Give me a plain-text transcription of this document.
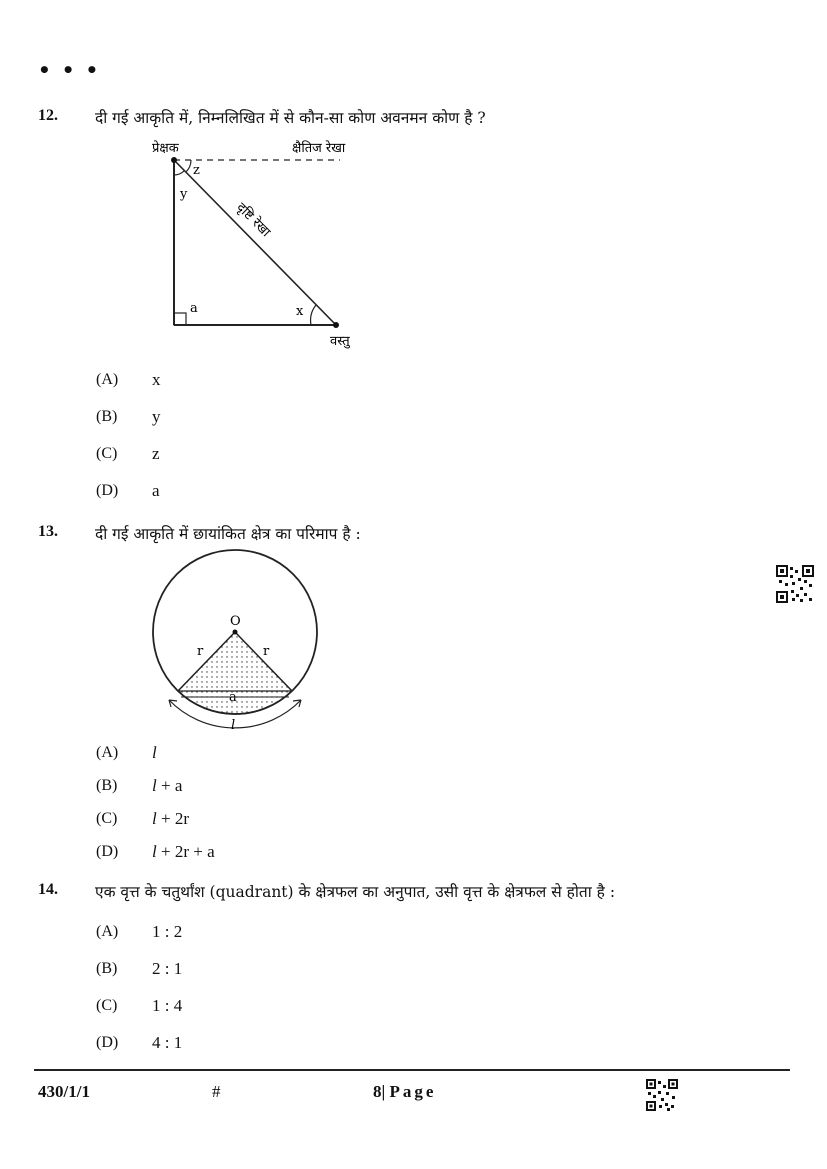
• • •
12. दी गई आकृति में, निम्नलिखित में से कौन-सा कोण अवनमन कोण है ?
प्रेक्षक	क्षैतिज रेखा
z
y
a	x
दृष्टि रेखा
वस्तु
(A) x
(B) y
(C) z
(D) a
13. दी गई आकृति में छायांकित क्षेत्र का परिमाप है :
O
r	r
a
l
(A) l
(B) l + a
(C) l + 2r
(D) l + 2r + a
14. एक वृत्त के चतुर्थांश (quadrant) के क्षेत्रफल का अनुपात, उसी वृत्त के क्षेत्रफल से होता है :
(A) 1 : 2
(B) 2 : 1
(C) 1 : 4
(D) 4 : 1
430/1/1	#	8| Page
